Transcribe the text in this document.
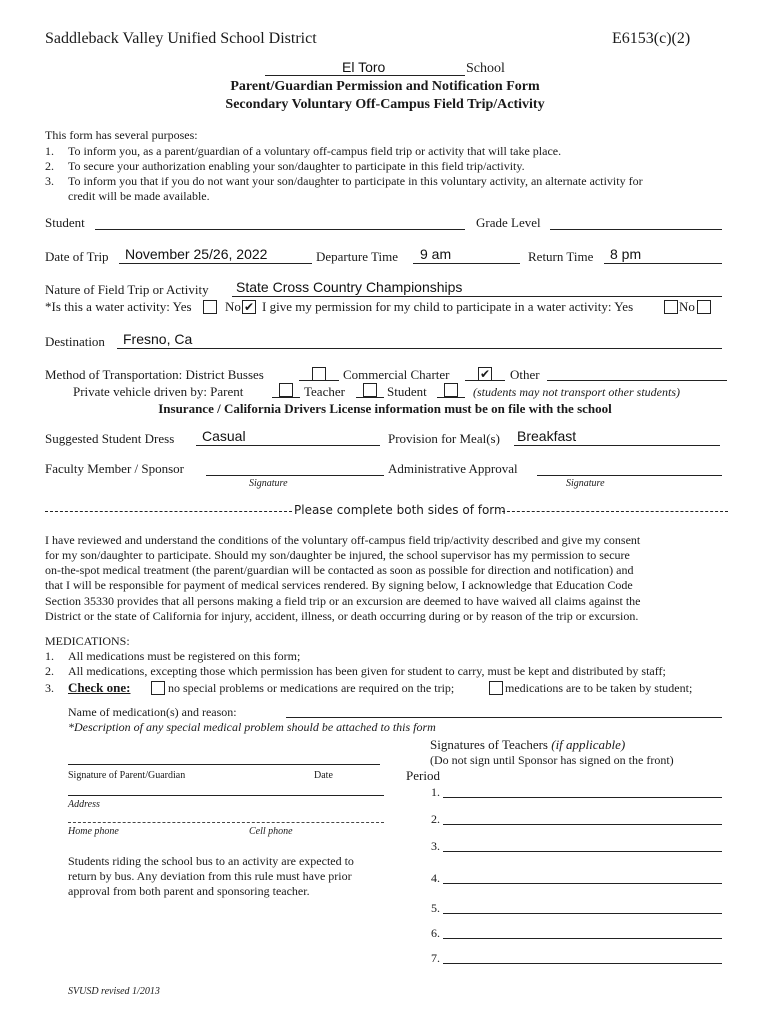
Saddleback Valley Unified School District	E6153(c)(2)
El Toro	School
Parent/Guardian Permission and Notification Form
Secondary Voluntary Off-Campus Field Trip/Activity
This form has several purposes:
1. To inform you, as a parent/guardian of a voluntary off-campus field trip or activity that will take place.
2. To secure your authorization enabling your son/daughter to participate in this field trip/activity.
3. To inform you that if you do not want your son/daughter to participate in this voluntary activity, an alternate activity for
credit will be made available.
Student	Grade Level
Date of Trip November 25/26, 2022	Departure Time 9 am	Return Time 8 pm
Nature of Field Trip or Activity State Cross Country Championships
*Is this a water activity: Yes	No ✔ I give my permission for my child to participate in a water activity: Yes	No
Destination Fresno, Ca
Method of Transportation: District Busses	Commercial Charter	✔ Other
Private vehicle driven by: Parent	Teacher	Student	(students may not transport other students)
Insurance / California Drivers License information must be on file with the school
Suggested Student Dress Casual	Provision for Meal(s) Breakfast
Faculty Member / Sponsor
Signature
Administrative Approval
Signature
Please complete both sides of form
I have reviewed and understand the conditions of the voluntary off-campus field trip/activity described and give my consent
for my son/daughter to participate. Should my son/daughter be injured, the school supervisor has my permission to secure
on-the-spot medical treatment (the parent/guardian will be contacted as soon as possible for direction and notification) and
that I will be responsible for payment of medical services rendered. By signing below, I acknowledge that Education Code
Section 35330 provides that all persons making a field trip or an excursion are deemed to have waived all claims against the
District or the state of California for injury, accident, illness, or death occurring during or by reason of the trip or excursion.
MEDICATIONS:
1. All medications must be registered on this form;
2. All medications, excepting those which permission has been given for student to carry, must be kept and distributed by staff;
3. Check one:	no special problems or medications are required on the trip;	medications are to be taken by student;
Name of medication(s) and reason:
*Description of any special medical problem should be attached to this form
Signature of Parent/Guardian	Date
Address
Home phone	Cell phone
Students riding the school bus to an activity are expected to
return by bus. Any deviation from this rule must have prior
approval from both parent and sponsoring teacher.
Signatures of Teachers (if applicable)
(Do not sign until Sponsor has signed on the front)
Period
1.
2.
3.
4.
5.
6.
7.
SVUSD revised 1/2013
